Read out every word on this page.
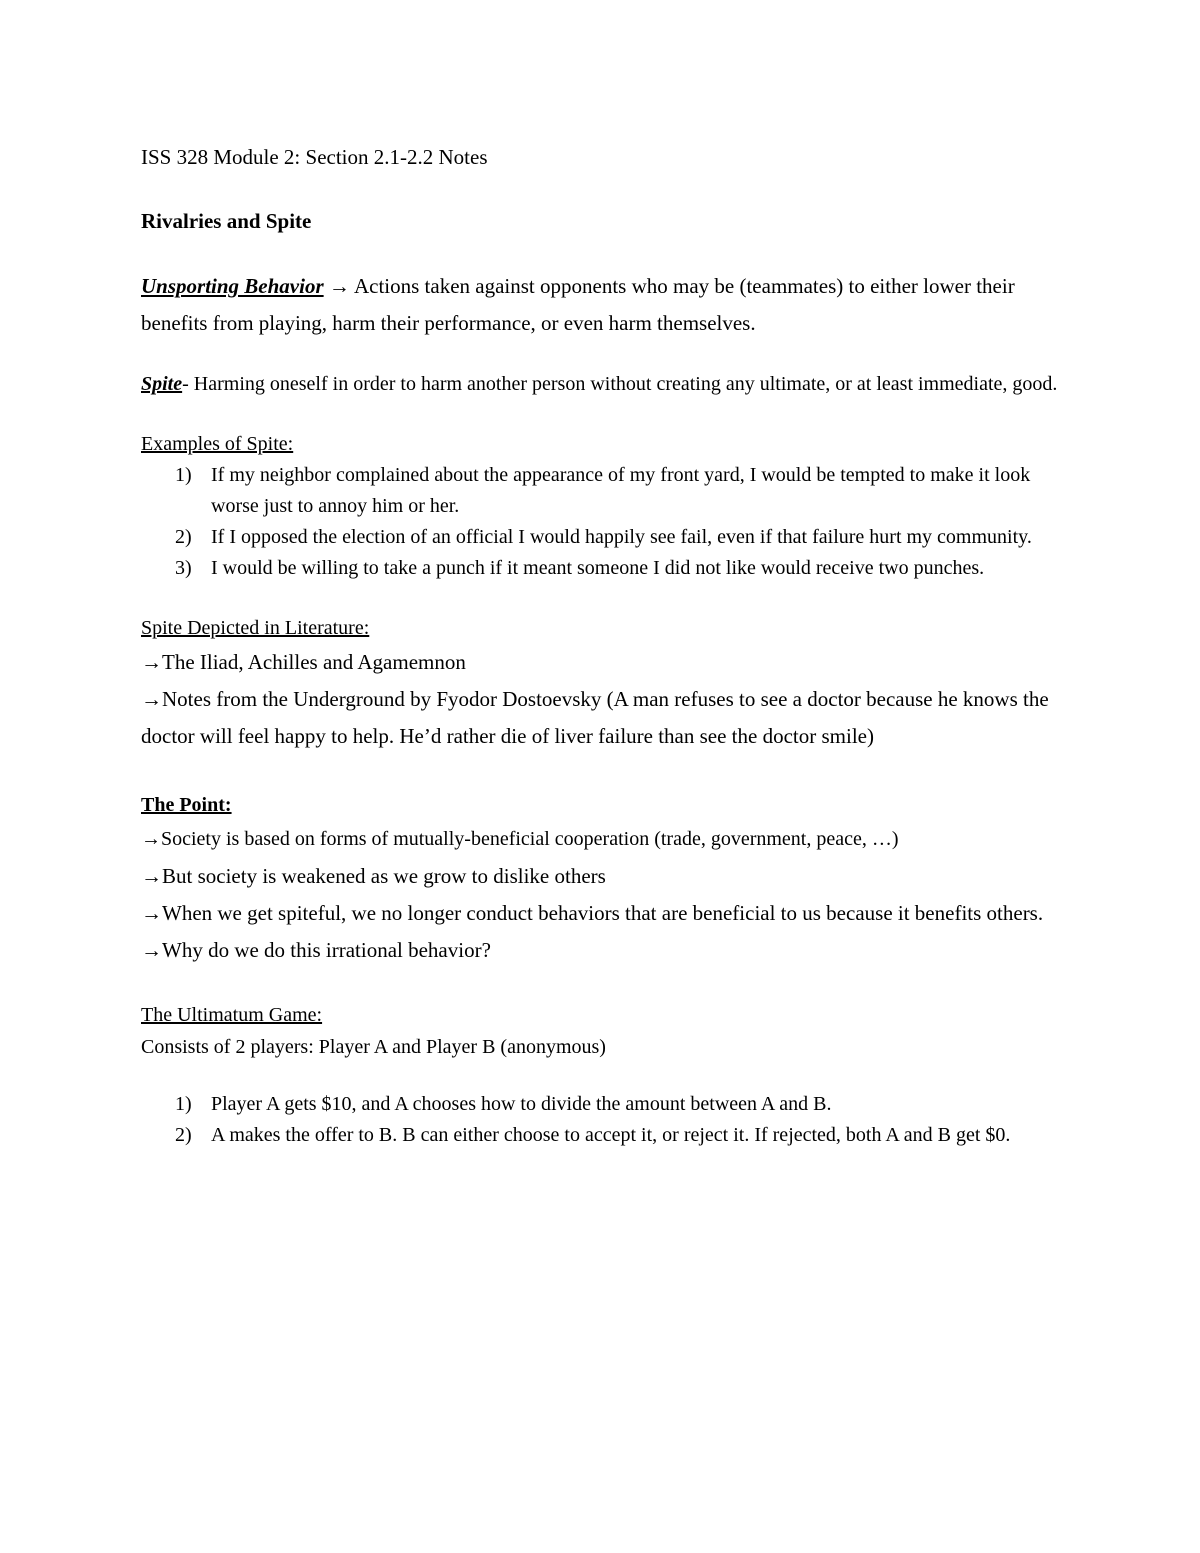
ISS 328 Module 2: Section 2.1-2.2 Notes
Rivalries and Spite
Unsporting Behavior → Actions taken against opponents who may be (teammates) to either lower their benefits from playing, harm their performance, or even harm themselves.
Spite- Harming oneself in order to harm another person without creating any ultimate, or at least immediate, good.
Examples of Spite:
1) If my neighbor complained about the appearance of my front yard, I would be tempted to make it look worse just to annoy him or her.
2) If I opposed the election of an official I would happily see fail, even if that failure hurt my community.
3) I would be willing to take a punch if it meant someone I did not like would receive two punches.
Spite Depicted in Literature:
→The Iliad, Achilles and Agamemnon
→Notes from the Underground by Fyodor Dostoevsky (A man refuses to see a doctor because he knows the doctor will feel happy to help. He’d rather die of liver failure than see the doctor smile)
The Point:
→Society is based on forms of mutually-beneficial cooperation (trade, government, peace, …)
→But society is weakened as we grow to dislike others
→When we get spiteful, we no longer conduct behaviors that are beneficial to us because it benefits others.
→Why do we do this irrational behavior?
The Ultimatum Game:
Consists of 2 players: Player A and Player B (anonymous)
1) Player A gets $10, and A chooses how to divide the amount between A and B.
2) A makes the offer to B. B can either choose to accept it, or reject it. If rejected, both A and B get $0.
